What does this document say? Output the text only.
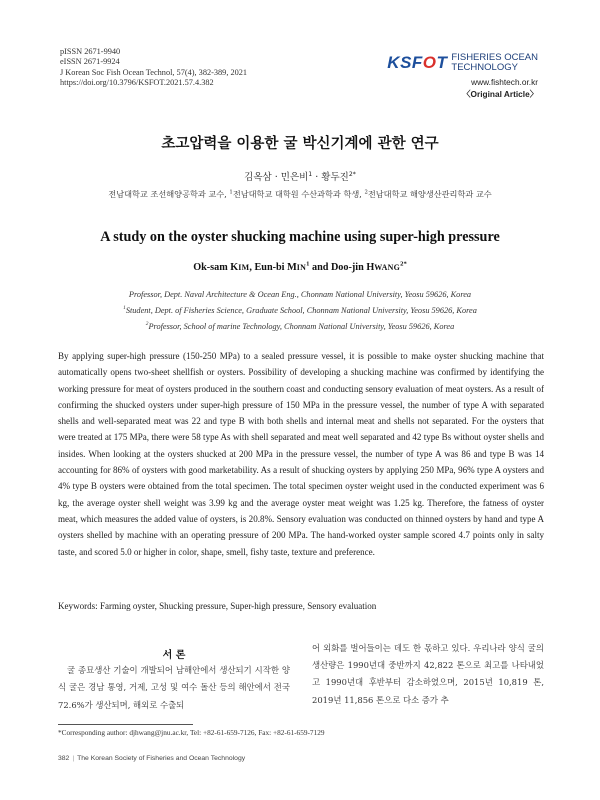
pISSN 2671-9940
eISSN 2671-9924
J Korean Soc Fish Ocean Technol, 57(4), 382-389, 2021
https://doi.org/10.3796/KSFOT.2021.57.4.382
KSFOT FISHERIES OCEAN
TECHNOLOGY
www.fishtech.or.kr
〈Original Article〉
초고압력을 이용한 굴 박신기계에 관한 연구
김옥삼 · 민은비$^1$ · 황두진$^{2*}$
전남대학교 조선해양공학과 교수, $^1$전남대학교 대학원 수산과학과 학생, $^2$전남대학교 해양생산관리학과 교수
A study on the oyster shucking machine using super-high pressure
Ok-sam KIM, Eun-bi MIN$^1$ and Doo-jin $HWANG^{2*}$
Professor, Dept. Naval Architecture & Ocean Eng., Chonnam National University, Yeosu 59626, Korea
$^1$Student, Dept. of Fisheries Science, Graduate School, Chonnam National University, Yeosu 59626, Korea
$^2$Professor, School of marine Technology, Chonnam National University, Yeosu 59626, Korea
By applying super-high pressure (150-250 MPa) to a sealed pressure vessel, it is possible to make oyster shucking machine that automatically opens two-sheet shellfish or oysters. Possibility of developing a shucking machine was confirmed by identifying the working pressure for meat of oysters produced in the southern coast and conducting sensory evaluation of meat oysters. As a result of confirming the shucked oysters under super-high pressure of 150 MPa in the pressure vessel, the number of type A with separated shells and well-separated meat was 22 and type B with both shells and internal meat and shells not separated. For the oysters that were treated at 175 MPa, there were 58 type As with shell separated and meat well separated and 42 type Bs without oyster shells and insides. When looking at the oysters shucked at 200 MPa in the pressure vessel, the number of type A was 86 and type B was 14 accounting for 86% of oysters with good marketability. As a result of shucking oysters by applying 250 MPa, 96% type A oysters and 4% type B oysters were obtained from the total specimen. The total specimen oyster weight used in the conducted experiment was 6 kg, the average oyster shell weight was 3.99 kg and the average oyster meat weight was 1.25 kg. Therefore, the fatness of oyster meat, which measures the added value of oysters, is 20.8%. Sensory evaluation was conducted on thinned oysters by hand and type A oysters shelled by machine with an operating pressure of 200 MPa. The hand-worked oyster sample scored 4.7 points only in salty taste, and scored 5.0 or higher in color, shape, smell, fishy taste, texture and preference.
Keywords: Farming oyster, Shucking pressure, Super-high pressure, Sensory evaluation
서 론

굴 종묘생산 기술이 개발되어 남해안에서 생산되기 시작한 양식 굴은 경남 통영, 거제, 고성 및 여수 돌산 등의 해안에서 전국 72.6%가 생산되며, 해외로 수출되

어 외화를 벌어들이는 데도 한 몫하고 있다. 우리나라 양식 굴의 생산량은 1990년대 중반까지 42,822 톤으로 최고를 나타내었고 1990년대 후반부터 감소하였으며, 2015년 10,819 톤, 2019년 11,856 톤으로 다소 증가 추

*Corresponding author: djhwang@jnu.ac.kr, Tel: +82-61-659-7126, Fax: +82-61-659-7129
382 | The Korean Society of Fisheries and Ocean Technology
